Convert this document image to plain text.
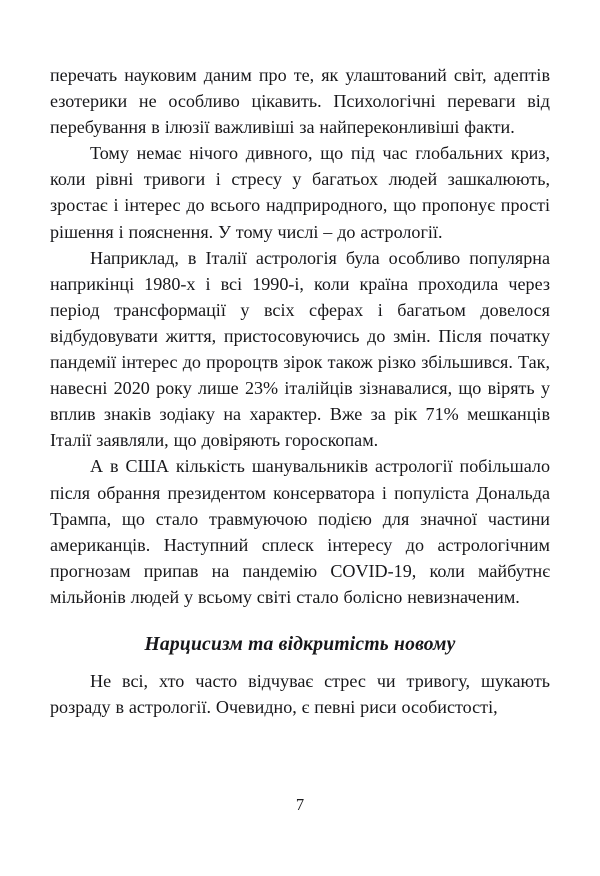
перечать науковим даним про те, як улаштований світ, адептів езотерики не особливо цікавить. Психологічні переваги від перебування в ілюзії важливіші за найпереконливіші факти.

Тому немає нічого дивного, що під час глобальних криз, коли рівні тривоги і стресу у багатьох людей зашкалюють, зростає і інтерес до всього надприродного, що пропонує прості рішення і пояснення. У тому числі – до астрології.

Наприклад, в Італії астрологія була особливо популярна наприкінці 1980-х і всі 1990-і, коли країна проходила через період трансформації у всіх сферах і багатьом довелося відбудовувати життя, пристосовуючись до змін. Після початку пандемії інтерес до пророцтв зірок також різко збільшився. Так, навесні 2020 року лише 23% італійців зізнавалися, що вірять у вплив знаків зодіаку на характер. Вже за рік 71% мешканців Італії заявляли, що довіряють гороскопам.

А в США кількість шанувальників астрології побільшало після обрання президентом консерватора і популіста Дональда Трампа, що стало травмуючою подією для значної частини американців. Наступний сплеск інтересу до астрологічним прогнозам припав на пандемію COVID-19, коли майбутнє мільйонів людей у всьому світі стало болісно невизначеним.

Нарцисизм та відкритість новому

Не всі, хто часто відчуває стрес чи тривогу, шукають розраду в астрології. Очевидно, є певні риси особистості,

7
